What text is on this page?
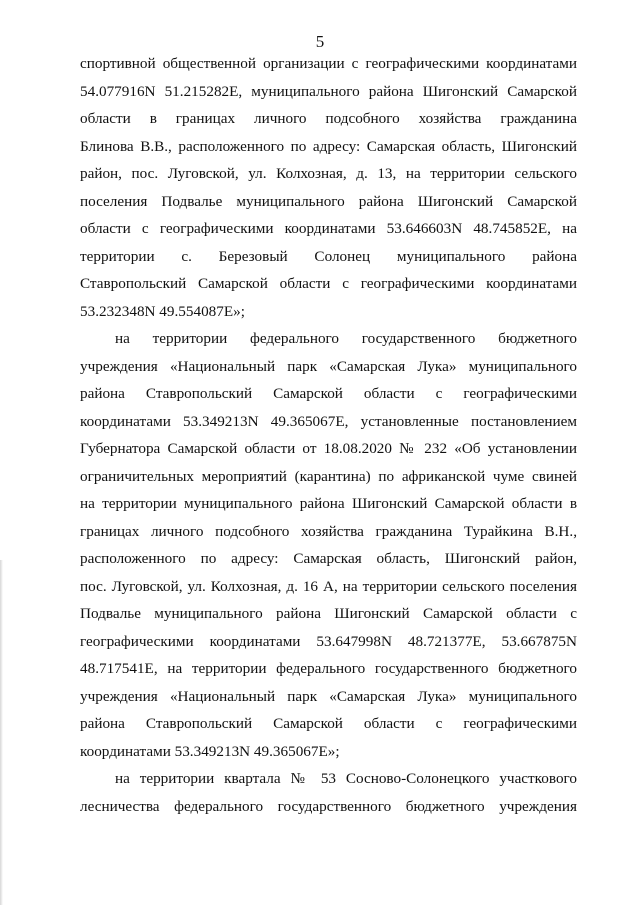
5
спортивной общественной организации с географическими координатами
54.077916N 51.215282E, муниципального района Шигонский Самарской
области в границах личного подсобного хозяйства гражданина
Блинова В.В., расположенного по адресу: Самарская область, Шигонский
район, пос. Луговской, ул. Колхозная, д. 13, на территории сельского
поселения Подвалье муниципального района Шигонский Самарской
области с географическими координатами 53.646603N 48.745852E, на
территории с. Березовый Солонец муниципального района
Ставропольский Самарской области с географическими координатами
53.232348N 49.554087E»;
на территории федерального государственного бюджетного
учреждения «Национальный парк «Самарская Лука» муниципального
района Ставропольский Самарской области с географическими
координатами 53.349213N 49.365067E, установленные постановлением
Губернатора Самарской области от 18.08.2020 № 232 «Об установлении
ограничительных мероприятий (карантина) по африканской чуме свиней
на территории муниципального района Шигонский Самарской области в
границах личного подсобного хозяйства гражданина Турайкина В.Н.,
расположенного по адресу: Самарская область, Шигонский район,
пос. Луговской, ул. Колхозная, д. 16 А, на территории сельского поселения
Подвалье муниципального района Шигонский Самарской области с
географическими координатами 53.647998N 48.721377E, 53.667875N
48.717541E, на территории федерального государственного бюджетного
учреждения «Национальный парк «Самарская Лука» муниципального
района Ставропольский Самарской области с географическими
координатами 53.349213N 49.365067E»;
на территории квартала № 53 Сосново-Солонецкого участкового
лесничества федерального государственного бюджетного учреждения
